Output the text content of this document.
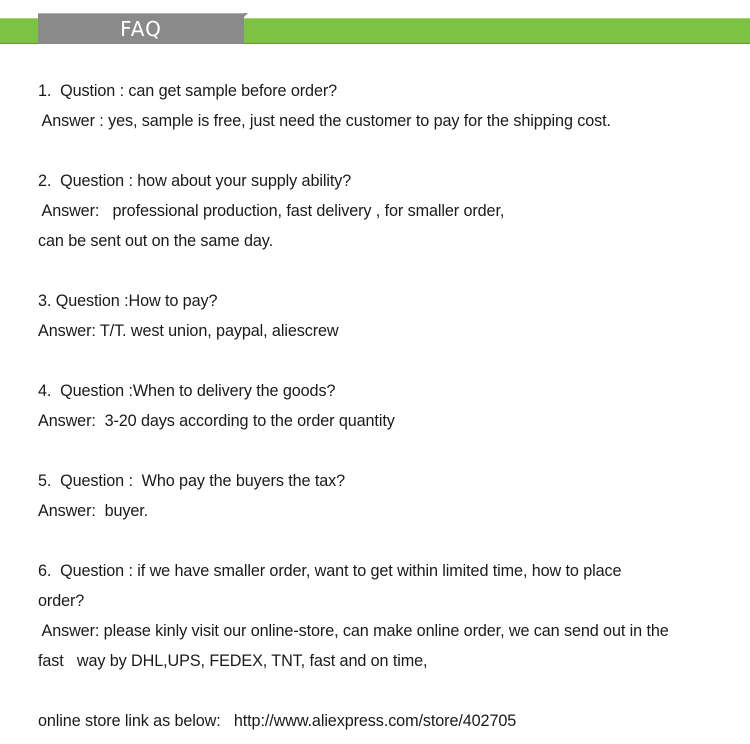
FAQ
1.  Qustion : can get sample before order?
Answer : yes, sample is free, just need the customer to pay for the shipping cost.
2.  Question : how about your supply ability?
Answer:   professional production, fast delivery , for smaller order,
can be sent out on the same day.
3. Question :How to pay?
Answer: T/T. west union, paypal, aliescrew
4.  Question :When to delivery the goods?
Answer:  3-20 days according to the order quantity
5.  Question :  Who pay the buyers the tax?
Answer:  buyer.
6.  Question : if we have smaller order, want to get within limited time, how to place
order?
Answer: please kinly visit our online-store, can make online order, we can send out in the
fast   way by DHL,UPS, FEDEX, TNT, fast and on time,
online store link as below:   http://www.aliexpress.com/store/402705
